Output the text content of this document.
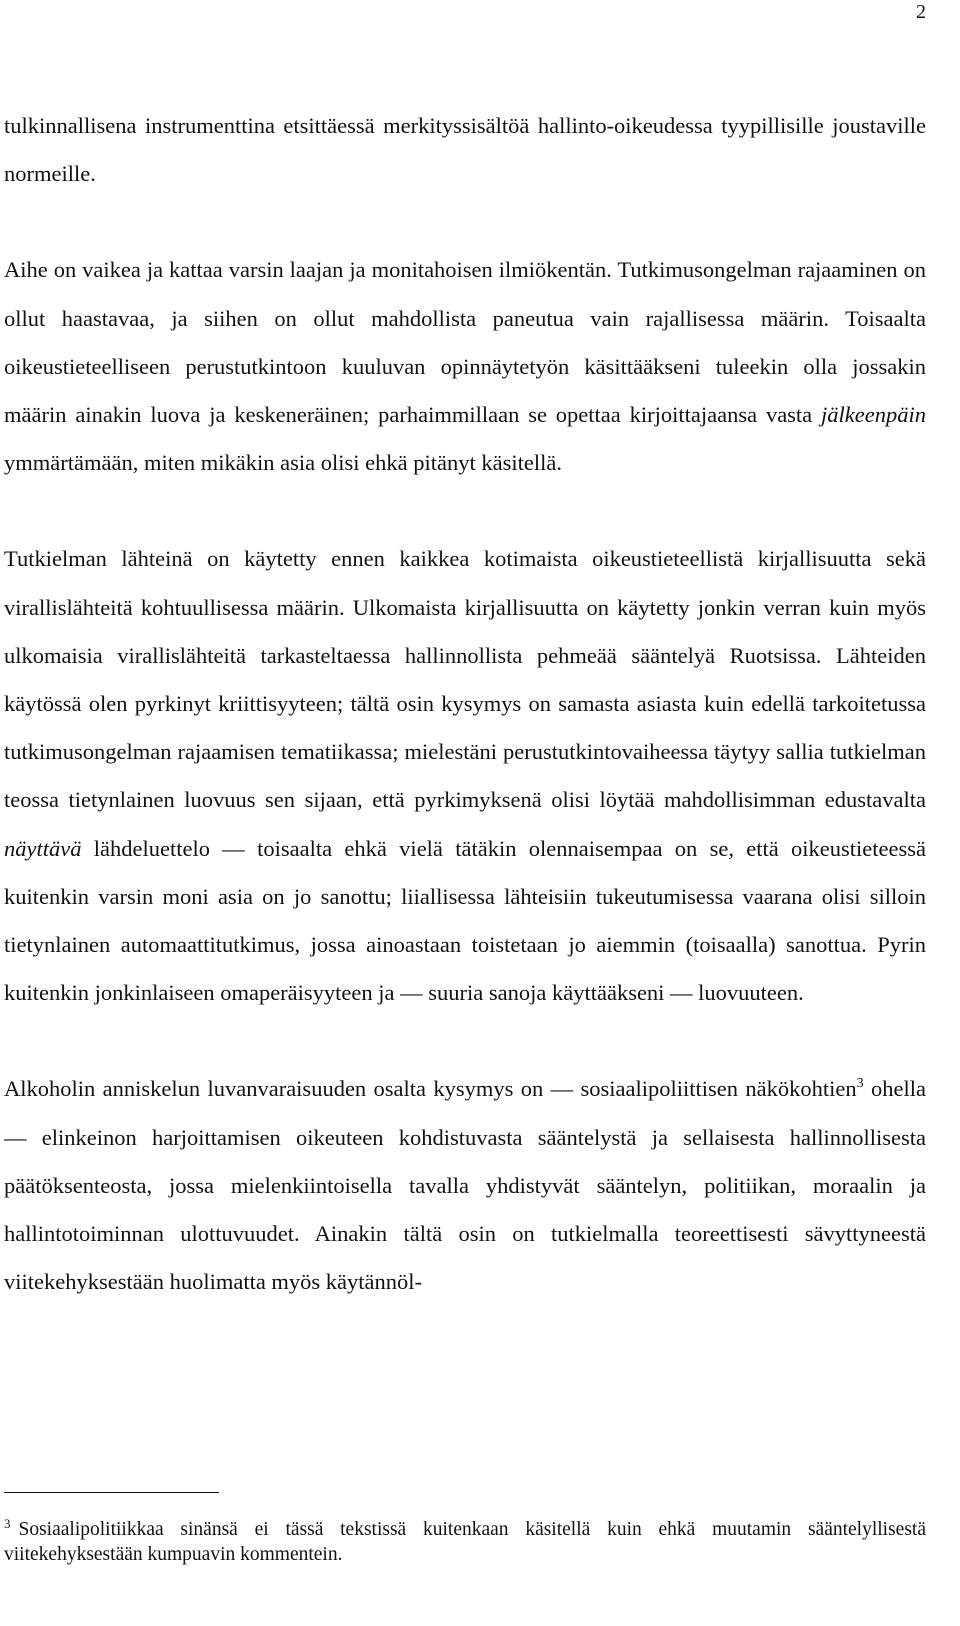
2

tulkinnallisena instrumenttina etsittäessä merkityssisältöä hallinto-oikeudessa tyypillisille joustaville normeille.

Aihe on vaikea ja kattaa varsin laajan ja monitahoisen ilmiökentän. Tutkimusongelman rajaaminen on ollut haastavaa, ja siihen on ollut mahdollista paneutua vain rajallisessa määrin. Toisaalta oikeustieteelliseen perustutkintoon kuuluvan opinnäytetyön käsittääkseni tuleekin olla jossakin määrin ainakin luova ja keskeneräinen; parhaimmillaan se opettaa kirjoittajaansa vasta jälkeenpäin ymmärtämään, miten mikäkin asia olisi ehkä pitänyt käsitellä.

Tutkielman lähteinä on käytetty ennen kaikkea kotimaista oikeustieteellistä kirjallisuutta sekä virallislähteitä kohtuullisessa määrin. Ulkomaista kirjallisuutta on käytetty jonkin verran kuin myös ulkomaisia virallislähteitä tarkasteltaessa hallinnollista pehmeää sääntelyä Ruotsissa. Lähteiden käytössä olen pyrkinyt kriittisyyteen; tältä osin kysymys on samasta asiasta kuin edellä tarkoitetussa tutkimusongelman rajaamisen tematiikassa; mielestäni perustutkintovaiheessa täytyy sallia tutkielman teossa tietynlainen luovuus sen sijaan, että pyrkimyksenä olisi löytää mahdollisimman edustavalta näyttävä lähdeluettelo — toisaalta ehkä vielä tätäkin olennaisempaa on se, että oikeustieteessä kuitenkin varsin moni asia on jo sanottu; liiallisessa lähteisiin tukeutumisessa vaarana olisi silloin tietynlainen automaattitutkimus, jossa ainoastaan toistetaan jo aiemmin (toisaalla) sanottua. Pyrin kuitenkin jonkinlaiseen omaperäisyyteen ja — suuria sanoja käyttääkseni — luovuuteen.

Alkoholin anniskelun luvanvaraisuuden osalta kysymys on — sosiaalipoliittisen näkökohtien$^3$ ohella — elinkeinon harjoittamisen oikeuteen kohdistuvasta sääntelystä ja sellaisesta hallinnollisesta päätöksenteosta, jossa mielenkiintoisella tavalla yhdistyvät sääntelyn, politiikan, moraalin ja hallintotoiminnan ulottuvuudet. Ainakin tältä osin on tutkielmalla teoreettisesti sävyttyneestä viitekehyksestään huolimatta myös käytännöl-

$^3$ Sosiaalipolitiikkaa sinänsä ei tässä tekstissä kuitenkaan käsitellä kuin ehkä muutamin sääntelyllisestä viitekehyksestään kumpuavin kommentein.
